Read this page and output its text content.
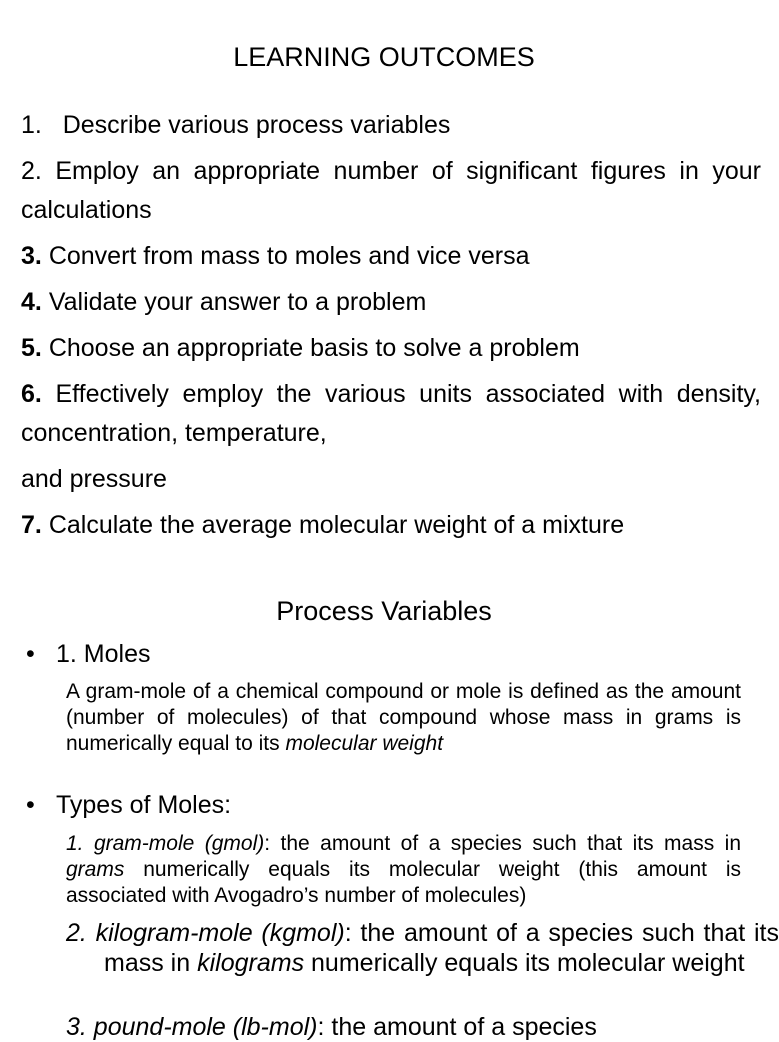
LEARNING OUTCOMES

1. Describe various process variables

2. Employ an appropriate number of significant figures in your calculations

3. Convert from mass to moles and vice versa

4. Validate your answer to a problem

5. Choose an appropriate basis to solve a problem

6. Effectively employ the various units associated with density, concentration, temperature,

and pressure

7. Calculate the average molecular weight of a mixture

Process Variables
• 1. Moles
A gram-mole of a chemical compound or mole is defined as the amount (number of molecules) of that compound whose mass in grams is numerically equal to its molecular weight
• Types of Moles:
1. gram-mole (gmol): the amount of a species such that its mass in grams numerically equals its molecular weight (this amount is associated with Avogadro’s number of molecules)
2. kilogram-mole (kgmol): the amount of a species such that its mass in kilograms numerically equals its molecular weight
3. pound-mole (lb-mol): the amount of a species
